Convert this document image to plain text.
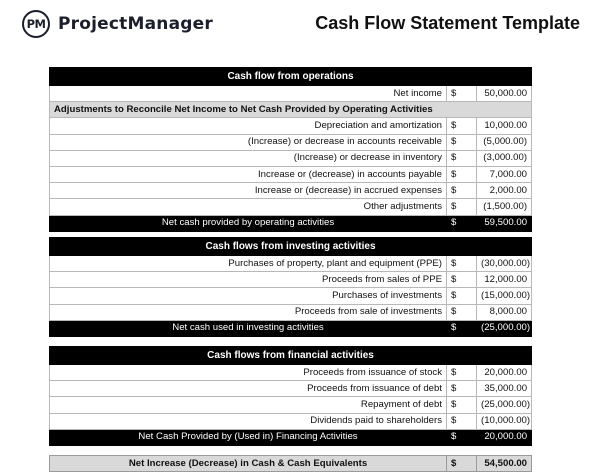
PM ProjectManager	Cash Flow Statement Template
Cash flow from operations		
Net income	$	50,000.00
Adjustments to Reconcile Net Income to Net Cash Provided by Operating Activities		
Depreciation and amortization	$	10,000.00
(Increase) or decrease in accounts receivable	$	(5,000.00)
(Increase) or decrease in inventory	$	(3,000.00)
Increase or (decrease) in accounts payable	$	7,000.00
Increase or (decrease) in accrued expenses	$	2,000.00
Other adjustments	$	(1,500.00)
Net cash provided by operating activities	$	59,500.00
Cash flows from investing activities		
Purchases of property, plant and equipment (PPE)	$	(30,000.00)
Proceeds from sales of PPE	$	12,000.00
Purchases of investments	$	(15,000.00)
Proceeds from sale of investments	$	8,000.00
Net cash used in investing activities	$	(25,000.00)
Cash flows from financial activities		
Proceeds from issuance of stock	$	20,000.00
Proceeds from issuance of debt	$	35,000.00
Repayment of debt	$	(25,000.00)
Dividends paid to shareholders	$	(10,000.00)
Net Cash Provided by (Used in) Financing Activities	$	20,000.00
Net Increase (Decrease) in Cash & Cash Equivalents	$	54,500.00
